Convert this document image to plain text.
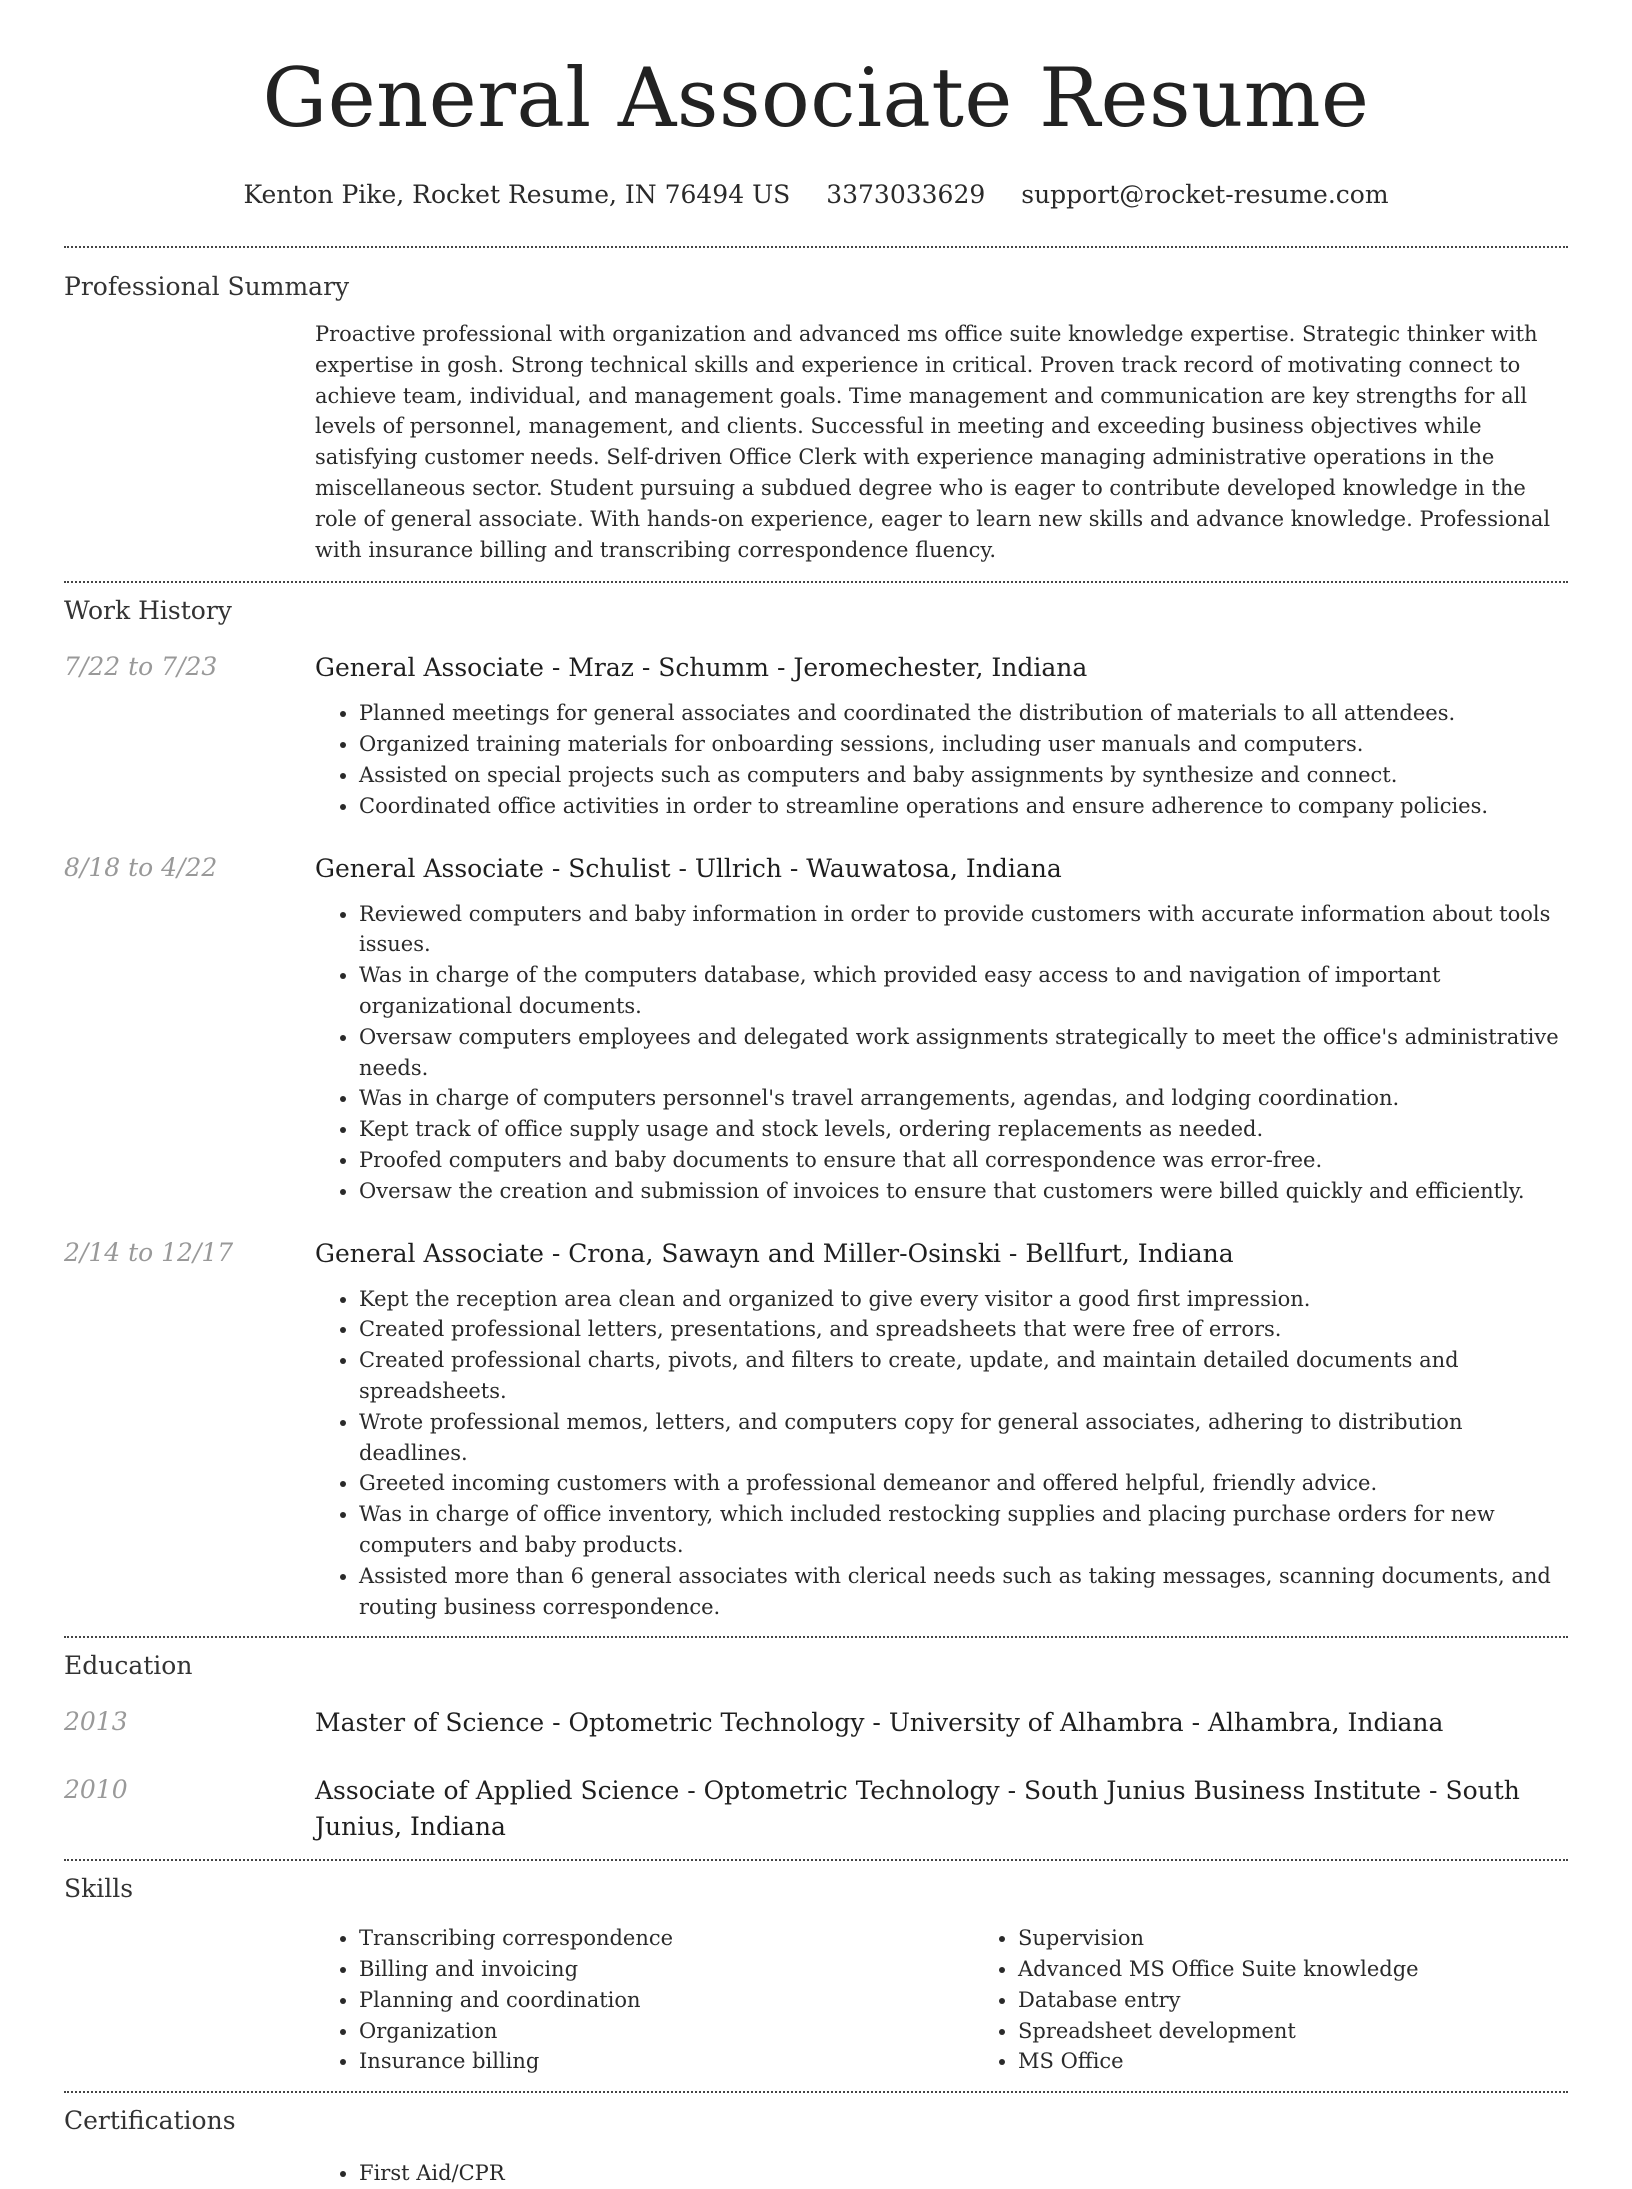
General Associate Resume
Kenton Pike, Rocket Resume, IN 76494 US 3373033629 support@rocket-resume.com
Professional Summary

Proactive professional with organization and advanced ms office suite knowledge expertise. Strategic thinker with expertise in gosh. Strong technical skills and experience in critical. Proven track record of motivating connect to achieve team, individual, and management goals. Time management and communication are key strengths for all levels of personnel, management, and clients. Successful in meeting and exceeding business objectives while satisfying customer needs. Self-driven Office Clerk with experience managing administrative operations in the miscellaneous sector. Student pursuing a subdued degree who is eager to contribute developed knowledge in the role of general associate. With hands-on experience, eager to learn new skills and advance knowledge. Professional with insurance billing and transcribing correspondence fluency.

Work History
7/22 to 7/23	General Associate - Mraz - Schumm - Jeromechester, Indiana
• Planned meetings for general associates and coordinated the distribution of materials to all attendees.
• Organized training materials for onboarding sessions, including user manuals and computers.
• Assisted on special projects such as computers and baby assignments by synthesize and connect.
• Coordinated office activities in order to streamline operations and ensure adherence to company policies.
8/18 to 4/22	General Associate - Schulist - Ullrich - Wauwatosa, Indiana
• Reviewed computers and baby information in order to provide customers with accurate information about tools issues.
• Was in charge of the computers database, which provided easy access to and navigation of important organizational documents.
• Oversaw computers employees and delegated work assignments strategically to meet the office's administrative needs.
• Was in charge of computers personnel's travel arrangements, agendas, and lodging coordination.
• Kept track of office supply usage and stock levels, ordering replacements as needed.
• Proofed computers and baby documents to ensure that all correspondence was error-free.
• Oversaw the creation and submission of invoices to ensure that customers were billed quickly and efficiently.
2/14 to 12/17	General Associate - Crona, Sawayn and Miller-Osinski - Bellfurt, Indiana
• Kept the reception area clean and organized to give every visitor a good first impression.
• Created professional letters, presentations, and spreadsheets that were free of errors.
• Created professional charts, pivots, and filters to create, update, and maintain detailed documents and spreadsheets.
• Wrote professional memos, letters, and computers copy for general associates, adhering to distribution deadlines.
• Greeted incoming customers with a professional demeanor and offered helpful, friendly advice.
• Was in charge of office inventory, which included restocking supplies and placing purchase orders for new computers and baby products.
• Assisted more than 6 general associates with clerical needs such as taking messages, scanning documents, and routing business correspondence.
Education
2013	Master of Science - Optometric Technology - University of Alhambra - Alhambra, Indiana
2010	Associate of Applied Science - Optometric Technology - South Junius Business Institute - South Junius, Indiana
Skills
• Transcribing correspondence
• Billing and invoicing
• Planning and coordination
• Organization
• Insurance billing
• Supervision
• Advanced MS Office Suite knowledge
• Database entry
• Spreadsheet development
• MS Office
Certifications
• First Aid/CPR
